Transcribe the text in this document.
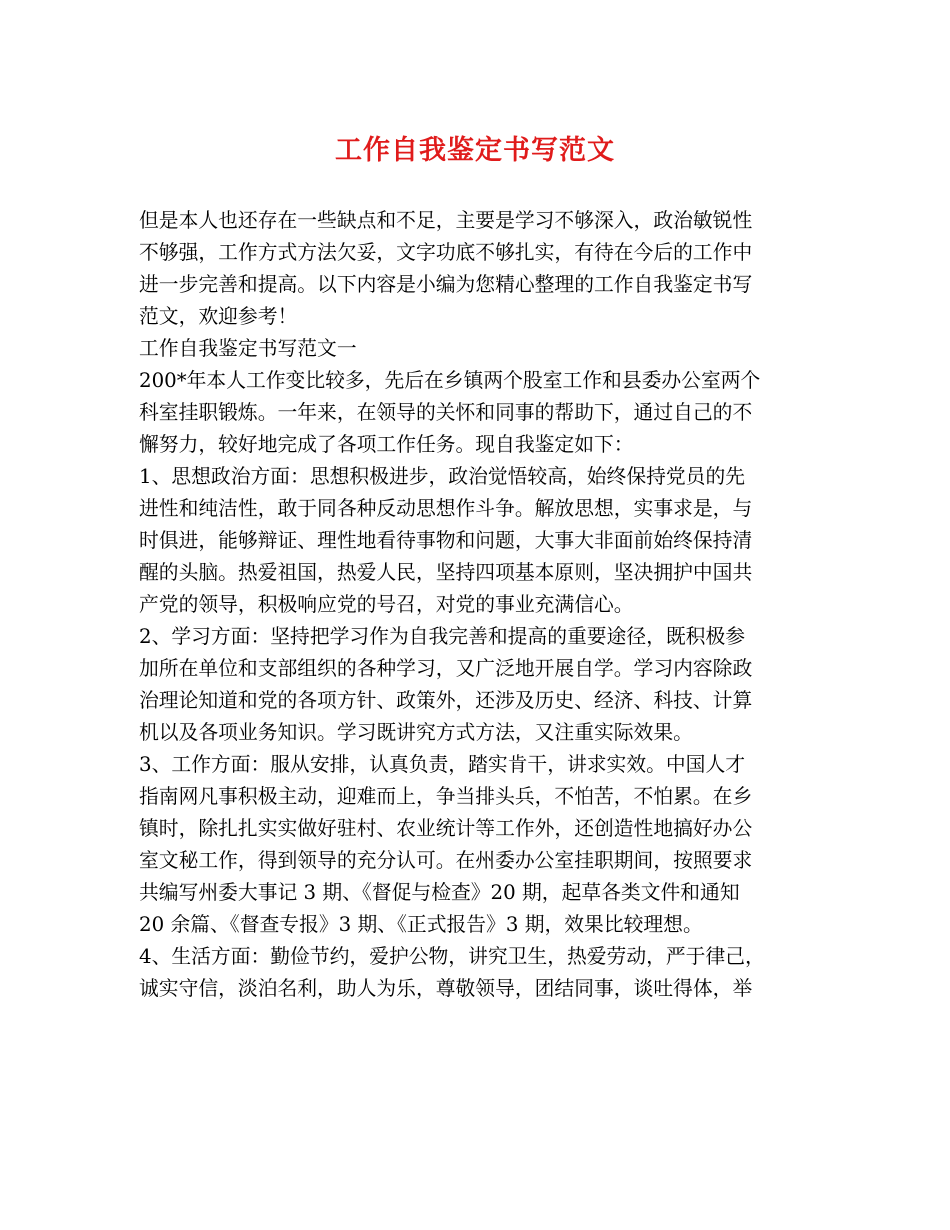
工作自我鉴定书写范文
但是本人也还存在一些缺点和不足，主要是学习不够深入，政治敏锐性
不够强，工作方式方法欠妥，文字功底不够扎实，有待在今后的工作中
进一步完善和提高。以下内容是小编为您精心整理的工作自我鉴定书写
范文，欢迎参考！
工作自我鉴定书写范文一
200*年本人工作变比较多，先后在乡镇两个股室工作和县委办公室两个
科室挂职锻炼。一年来，在领导的关怀和同事的帮助下，通过自己的不
懈努力，较好地完成了各项工作任务。现自我鉴定如下：
1、思想政治方面：思想积极进步，政治觉悟较高，始终保持党员的先
进性和纯洁性，敢于同各种反动思想作斗争。解放思想，实事求是，与
时俱进，能够辩证、理性地看待事物和问题，大事大非面前始终保持清
醒的头脑。热爱祖国，热爱人民，坚持四项基本原则，坚决拥护中国共
产党的领导，积极响应党的号召，对党的事业充满信心。
2、学习方面：坚持把学习作为自我完善和提高的重要途径，既积极参
加所在单位和支部组织的各种学习，又广泛地开展自学。学习内容除政
治理论知道和党的各项方针、政策外，还涉及历史、经济、科技、计算
机以及各项业务知识。学习既讲究方式方法，又注重实际效果。
3、工作方面：服从安排，认真负责，踏实肯干，讲求实效。中国人才
指南网凡事积极主动，迎难而上，争当排头兵，不怕苦，不怕累。在乡
镇时，除扎扎实实做好驻村、农业统计等工作外，还创造性地搞好办公
室文秘工作，得到领导的充分认可。在州委办公室挂职期间，按照要求
共编写州委大事记 3 期、《督促与检查》20 期，起草各类文件和通知
20 余篇、《督查专报》3 期、《正式报告》3 期，效果比较理想。
4、生活方面：勤俭节约，爱护公物，讲究卫生，热爱劳动，严于律己，
诚实守信，淡泊名利，助人为乐，尊敬领导，团结同事，谈吐得体，举
